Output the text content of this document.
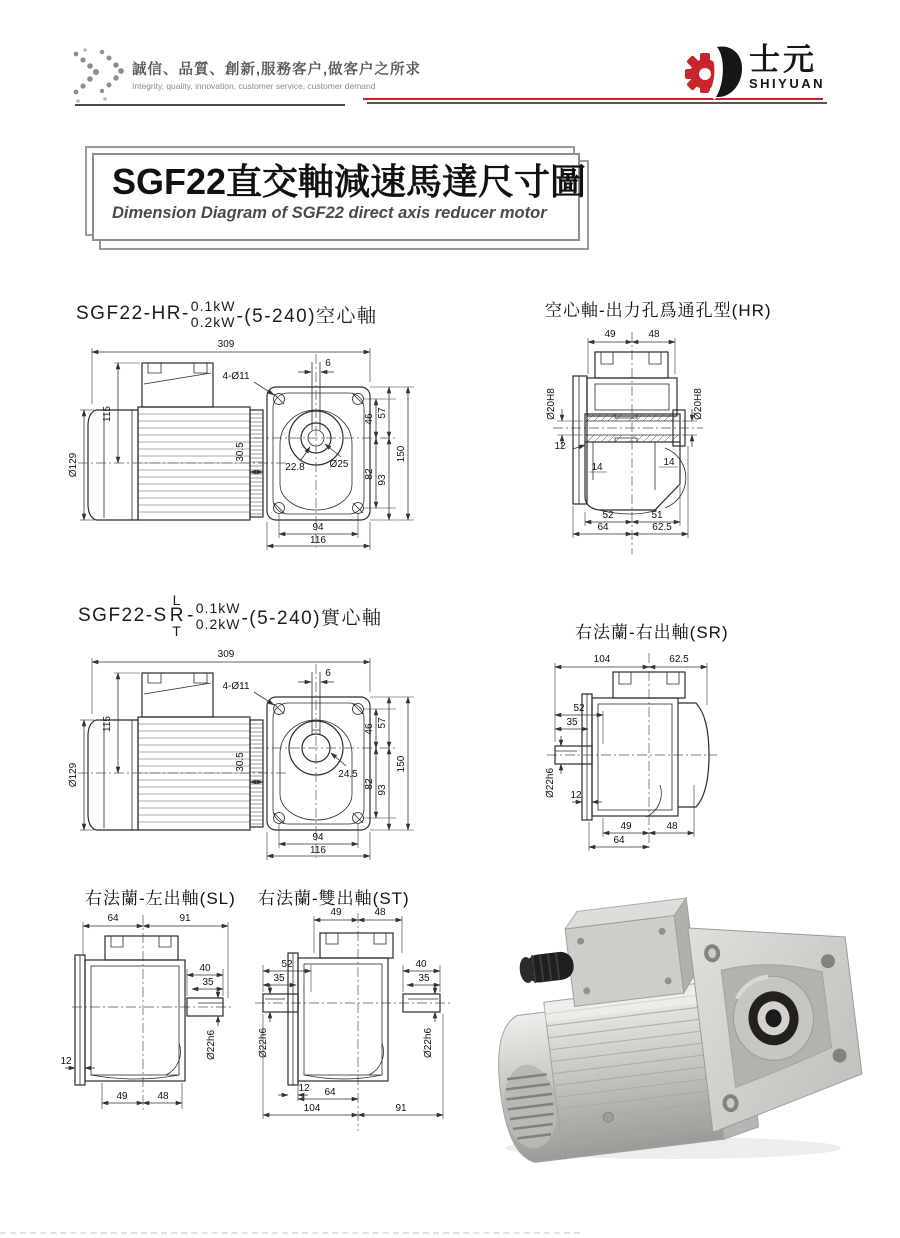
誠信、品質、創新,服務客户,做客户之所求
Integrity, quality, innovation, customer service, customer demand
士元
SHIYUAN
SGF22直交軸減速馬達尺寸圖
Dimension Diagram of SGF22 direct axis reducer motor
SGF22-HR- 0.1kW
0.2kW -(5-240)空心軸
309
115
Ø129
30.5
4-Ø11
6
22.8 Ø25
46
82
57
93
150
94
116
空心軸-出力孔爲通孔型(HR)
49	48
Ø20H8	Ø20H8
12
14	14
52	51
64	62.5
SGF22-S
L
R
T
- 0.1kW
0.2kW -(5-240)實心軸
309
115
Ø129
30.5
4-Ø11
6
24.5
46
82
57
93
150
94
116
右法蘭-右出軸(SR)
104	62.5
52
35
Ø22h6 12
49	48
64
右法蘭-左出軸(SL)
64	91
40
35
Ø22h6
12
49	48
右法蘭-雙出軸(ST)
49	48
52
35
Ø22h6
40
35
Ø22h6
12 64
104	91
